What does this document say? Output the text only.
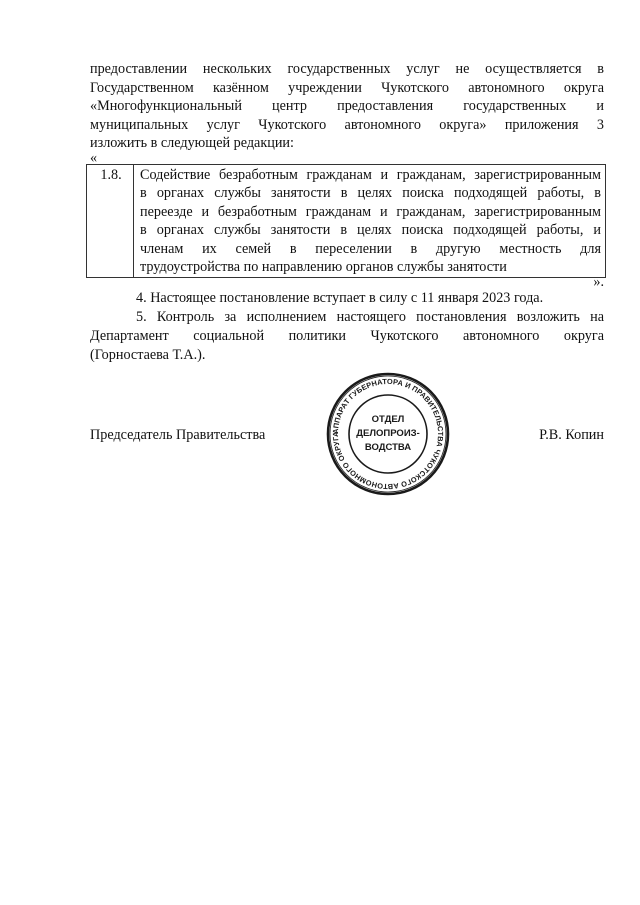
предоставлении нескольких государственных услуг не осуществляется в
Государственном казённом учреждении Чукотского автономного округа
«Многофункциональный центр предоставления государственных и
муниципальных услуг Чукотского автономного округа» приложения 3
изложить в следующей редакции:
«
1.8.	Содействие безработным гражданам и гражданам, зарегистрированным
в органах службы занятости в целях поиска подходящей работы, в
переезде и безработным гражданам и гражданам, зарегистрированным
в органах службы занятости в целях поиска подходящей работы, и
членам их семей в переселении в другую местность для
трудоустройства по направлению органов службы занятости
».
4. Настоящее постановление вступает в силу с 11 января 2023 года.
5. Контроль за исполнением настоящего постановления возложить на
Департамент социальной политики Чукотского автономного округа
(Горностаева Т.А.).
Председатель Правительства	Р.В. Копин
АППАРАТ ГУБЕРНАТОРА И ПРАВИТЕЛЬСТВА ЧУКОТСКОГО АВТОНОМНОГО ОКРУГА
ОТДЕЛ
ДЕЛОПРОИЗ-
ВОДСТВА
